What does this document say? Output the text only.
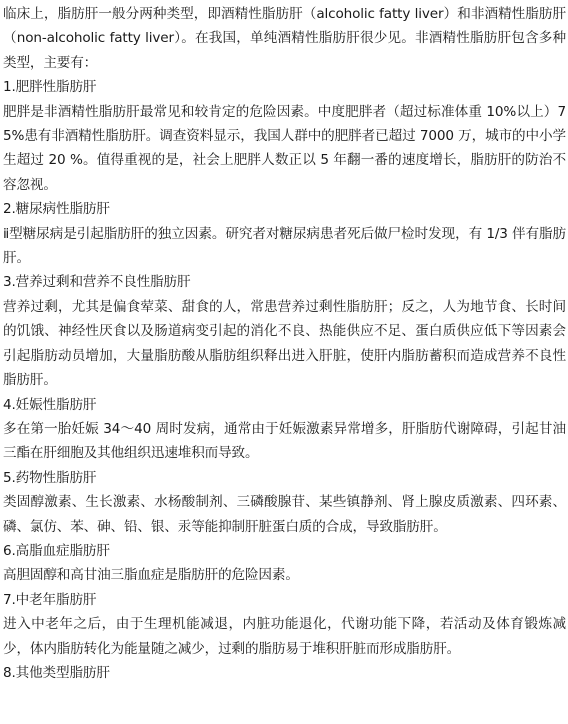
临床上，脂肪肝一般分两种类型，即酒精性脂肪肝（alcoholic fatty liver）和非酒精性脂肪肝（non-alcoholic fatty liver）。在我国，单纯酒精性脂肪肝很少见。非酒精性脂肪肝包含多种类型，主要有：

1.肥胖性脂肪肝

肥胖是非酒精性脂肪肝最常见和较肯定的危险因素。中度肥胖者（超过标准体重 10%以上）75%患有非酒精性脂肪肝。调查资料显示，我国人群中的肥胖者已超过 7000 万，城市的中小学生超过 20 %。值得重视的是，社会上肥胖人数正以 5 年翻一番的速度增长，脂肪肝的防治不容忽视。

2.糖尿病性脂肪肝

ⅱ型糖尿病是引起脂肪肝的独立因素。研究者对糖尿病患者死后做尸检时发现，有 1/3 伴有脂肪肝。

3.营养过剩和营养不良性脂肪肝

营养过剩，尤其是偏食荤菜、甜食的人，常患营养过剩性脂肪肝；反之，人为地节食、长时间的饥饿、神经性厌食以及肠道病变引起的消化不良、热能供应不足、蛋白质供应低下等因素会引起脂肪动员增加，大量脂肪酸从脂肪组织释出进入肝脏，使肝内脂肪蓄积而造成营养不良性脂肪肝。

4.妊娠性脂肪肝

多在第一胎妊娠 34～40 周时发病，通常由于妊娠激素异常增多，肝脂肪代谢障碍，引起甘油三酯在肝细胞及其他组织迅速堆积而导致。

5.药物性脂肪肝

类固醇激素、生长激素、水杨酸制剂、三磷酸腺苷、某些镇静剂、肾上腺皮质激素、四环素、磷、氯仿、苯、砷、铅、银、汞等能抑制肝脏蛋白质的合成，导致脂肪肝。

6.高脂血症脂肪肝

高胆固醇和高甘油三脂血症是脂肪肝的危险因素。

7.中老年脂肪肝

进入中老年之后，由于生理机能减退，内脏功能退化，代谢功能下降，若活动及体育锻炼减少，体内脂肪转化为能量随之减少，过剩的脂肪易于堆积肝脏而形成脂肪肝。

8.其他类型脂肪肝
